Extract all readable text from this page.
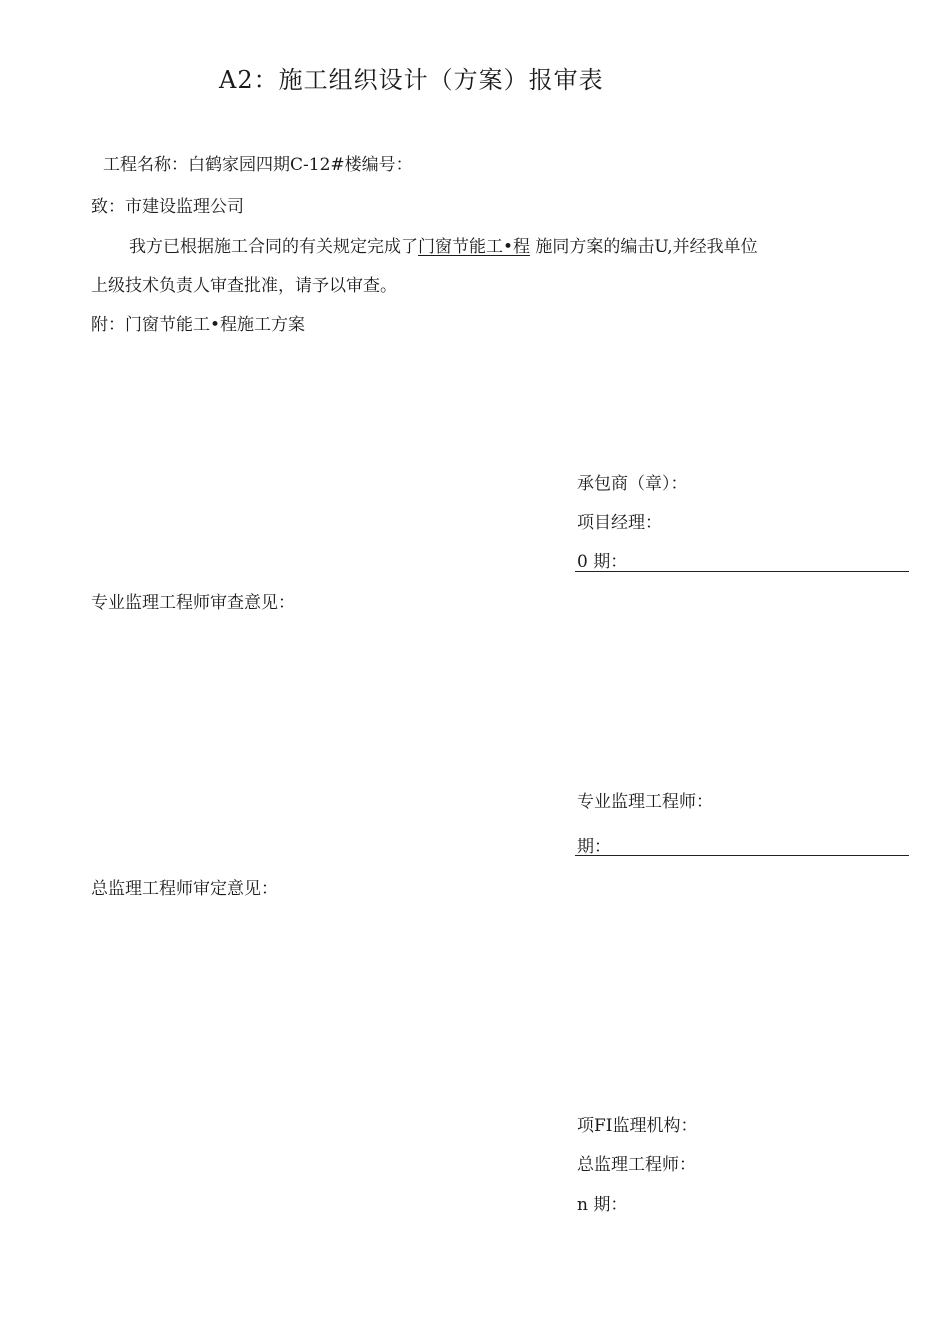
A2：施工组织设计（方案）报审表
工程名称：白鹤家园四期C-12#楼编号：
致：市建设监理公司
我方已根据施工合同的有关规定完成了门窗节能工•程 施同方案的编击U,并经我单位
上级技术负责人审查批准，请予以审查。
附：门窗节能工•程施工方案
承包商（章）：
项目经理：
0 期：
专业监理工程师审查意见：
专业监理工程师：
期：
总监理工程师审定意见：
项FI监理机构：
总监理工程师：
n 期：
